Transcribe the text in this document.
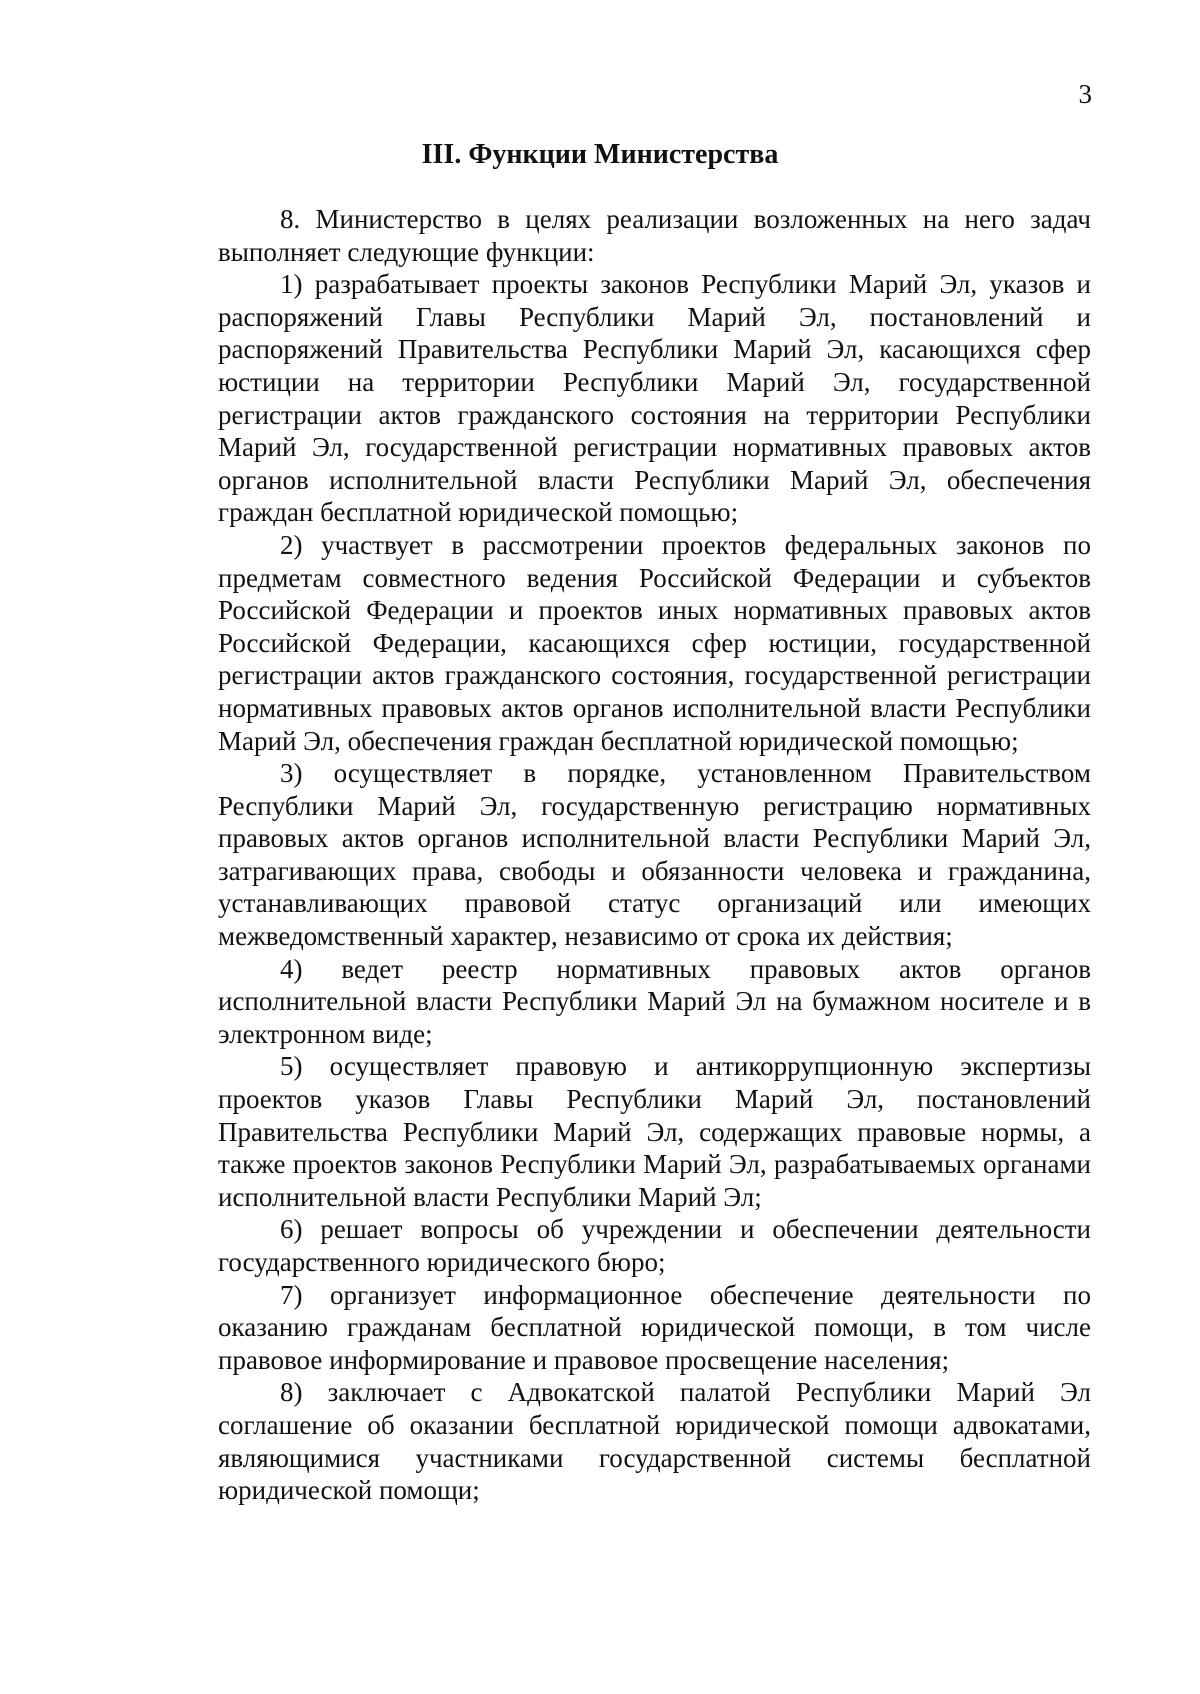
3
III. Функции Министерства

8. Министерство в целях реализации возложенных на него задач выполняет следующие функции:

1) разрабатывает проекты законов Республики Марий Эл, указов и распоряжений Главы Республики Марий Эл, постановлений и распоряжений Правительства Республики Марий Эл, касающихся сфер юстиции на территории Республики Марий Эл, государственной регистрации актов гражданского состояния на территории Республики Марий Эл, государственной регистрации нормативных правовых актов органов исполнительной власти Республики Марий Эл, обеспечения граждан бесплатной юридической помощью;

2) участвует в рассмотрении проектов федеральных законов по предметам совместного ведения Российской Федерации и субъектов Российской Федерации и проектов иных нормативных правовых актов Российской Федерации, касающихся сфер юстиции, государственной регистрации актов гражданского состояния, государственной регистрации нормативных правовых актов органов исполнительной власти Республики Марий Эл, обеспечения граждан бесплатной юридической помощью;

3) осуществляет в порядке, установленном Правительством Республики Марий Эл, государственную регистрацию нормативных правовых актов органов исполнительной власти Республики Марий Эл, затрагивающих права, свободы и обязанности человека и гражданина, устанавливающих правовой статус организаций или имеющих межведомственный характер, независимо от срока их действия;

4) ведет реестр нормативных правовых актов органов исполнительной власти Республики Марий Эл на бумажном носителе и в электронном виде;

5) осуществляет правовую и антикоррупционную экспертизы проектов указов Главы Республики Марий Эл, постановлений Правительства Республики Марий Эл, содержащих правовые нормы, а также проектов законов Республики Марий Эл, разрабатываемых органами исполнительной власти Республики Марий Эл;

6) решает вопросы об учреждении и обеспечении деятельности государственного юридического бюро;

7) организует информационное обеспечение деятельности по оказанию гражданам бесплатной юридической помощи, в том числе правовое информирование и правовое просвещение населения;

8) заключает с Адвокатской палатой Республики Марий Эл соглашение об оказании бесплатной юридической помощи адвокатами, являющимися участниками государственной системы бесплатной юридической помощи;
